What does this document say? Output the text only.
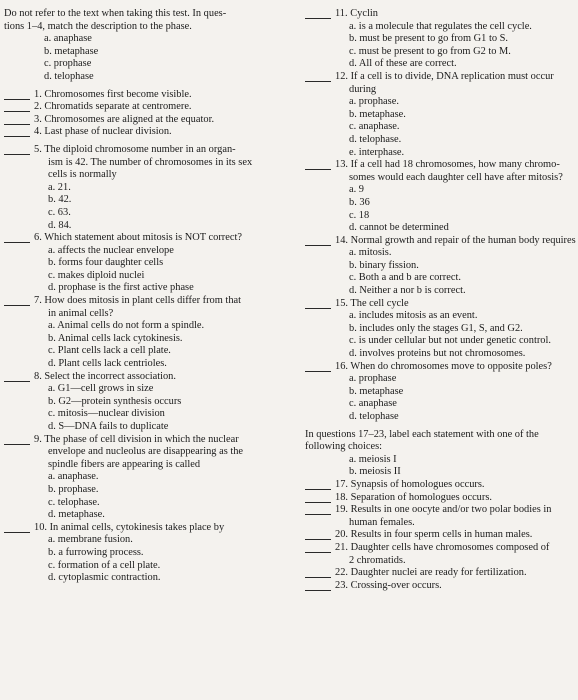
Do not refer to the text when taking this test. In ques-
tions 1–4, match the description to the phase.
a. anaphase
b. metaphase
c. prophase
d. telophase
1. Chromosomes first become visible.
2. Chromatids separate at centromere.
3. Chromosomes are aligned at the equator.
4. Last phase of nuclear division.
5. The diploid chromosome number in an organ-
ism is 42. The number of chromosomes in its sex
cells is normally
a. 21.
b. 42.
c. 63.
d. 84.
6. Which statement about mitosis is NOT correct?
a. affects the nuclear envelope
b. forms four daughter cells
c. makes diploid nuclei
d. prophase is the first active phase
7. How does mitosis in plant cells differ from that
in animal cells?
a. Animal cells do not form a spindle.
b. Animal cells lack cytokinesis.
c. Plant cells lack a cell plate.
d. Plant cells lack centrioles.
8. Select the incorrect association.
a. G1—cell grows in size
b. G2—protein synthesis occurs
c. mitosis—nuclear division
d. S—DNA fails to duplicate
9. The phase of cell division in which the nuclear
envelope and nucleolus are disappearing as the
spindle fibers are appearing is called
a. anaphase.
b. prophase.
c. telophase.
d. metaphase.
10. In animal cells, cytokinesis takes place by
a. membrane fusion.
b. a furrowing process.
c. formation of a cell plate.
d. cytoplasmic contraction.
11. Cyclin
a. is a molecule that regulates the cell cycle.
b. must be present to go from G1 to S.
c. must be present to go from G2 to M.
d. All of these are correct.
12. If a cell is to divide, DNA replication must occur
during
a. prophase.
b. metaphase.
c. anaphase.
d. telophase.
e. interphase.
13. If a cell had 18 chromosomes, how many chromo-
somes would each daughter cell have after mitosis?
a. 9
b. 36
c. 18
d. cannot be determined
14. Normal growth and repair of the human body requires
a. mitosis.
b. binary fission.
c. Both a and b are correct.
d. Neither a nor b is correct.
15. The cell cycle
a. includes mitosis as an event.
b. includes only the stages G1, S, and G2.
c. is under cellular but not under genetic control.
d. involves proteins but not chromosomes.
16. When do chromosomes move to opposite poles?
a. prophase
b. metaphase
c. anaphase
d. telophase
In questions 17–23, label each statement with one of the
following choices:
a. meiosis I
b. meiosis II
17. Synapsis of homologues occurs.
18. Separation of homologues occurs.
19. Results in one oocyte and/or two polar bodies in
human females.
20. Results in four sperm cells in human males.
21. Daughter cells have chromosomes composed of
2 chromatids.
22. Daughter nuclei are ready for fertilization.
23. Crossing-over occurs.
